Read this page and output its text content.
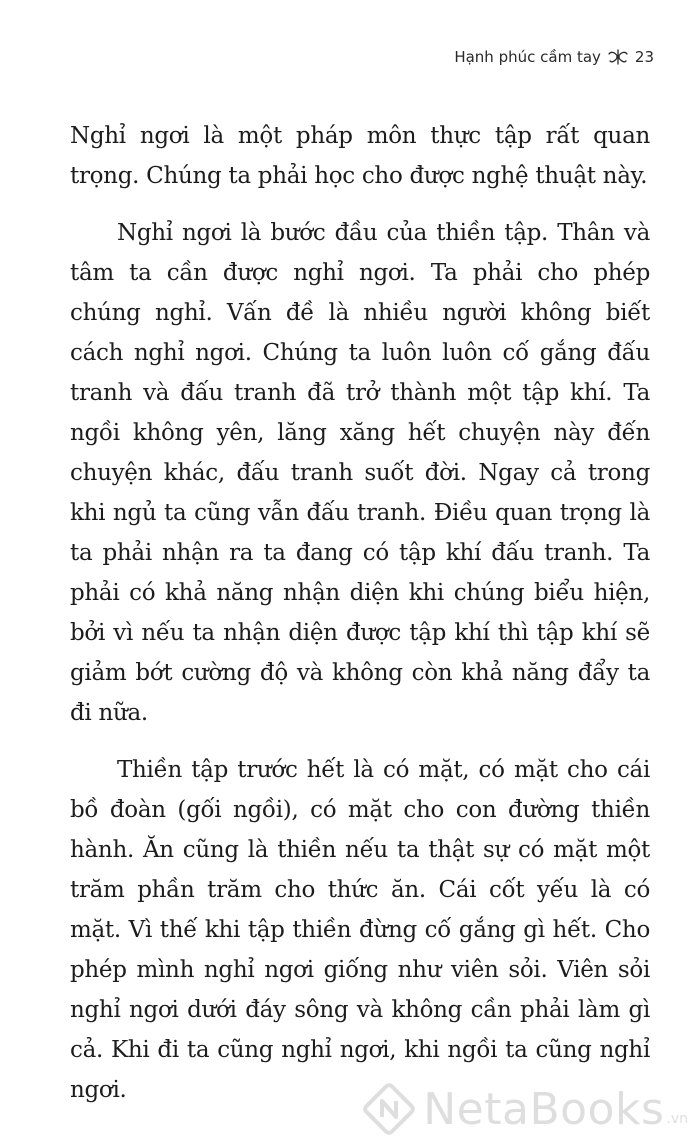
Hạnh phúc cầm tay 23

Nghỉ ngơi là một pháp môn thực tập rất quan trọng. Chúng ta phải học cho được nghệ thuật này.

Nghỉ ngơi là bước đầu của thiền tập. Thân và tâm ta cần được nghỉ ngơi. Ta phải cho phép chúng nghỉ. Vấn đề là nhiều người không biết cách nghỉ ngơi. Chúng ta luôn luôn cố gắng đấu tranh và đấu tranh đã trở thành một tập khí. Ta ngồi không yên, lăng xăng hết chuyện này đến chuyện khác, đấu tranh suốt đời. Ngay cả trong khi ngủ ta cũng vẫn đấu tranh. Điều quan trọng là ta phải nhận ra ta đang có tập khí đấu tranh. Ta phải có khả năng nhận diện khi chúng biểu hiện, bởi vì nếu ta nhận diện được tập khí thì tập khí sẽ giảm bớt cường độ và không còn khả năng đẩy ta đi nữa.

Thiền tập trước hết là có mặt, có mặt cho cái bồ đoàn (gối ngồi), có mặt cho con đường thiền hành. Ăn cũng là thiền nếu ta thật sự có mặt một trăm phần trăm cho thức ăn. Cái cốt yếu là có mặt. Vì thế khi tập thiền đừng cố gắng gì hết. Cho phép mình nghỉ ngơi giống như viên sỏi. Viên sỏi nghỉ ngơi dưới đáy sông và không cần phải làm gì cả. Khi đi ta cũng nghỉ ngơi, khi ngồi ta cũng nghỉ ngơi.	NetaBooks .vn
